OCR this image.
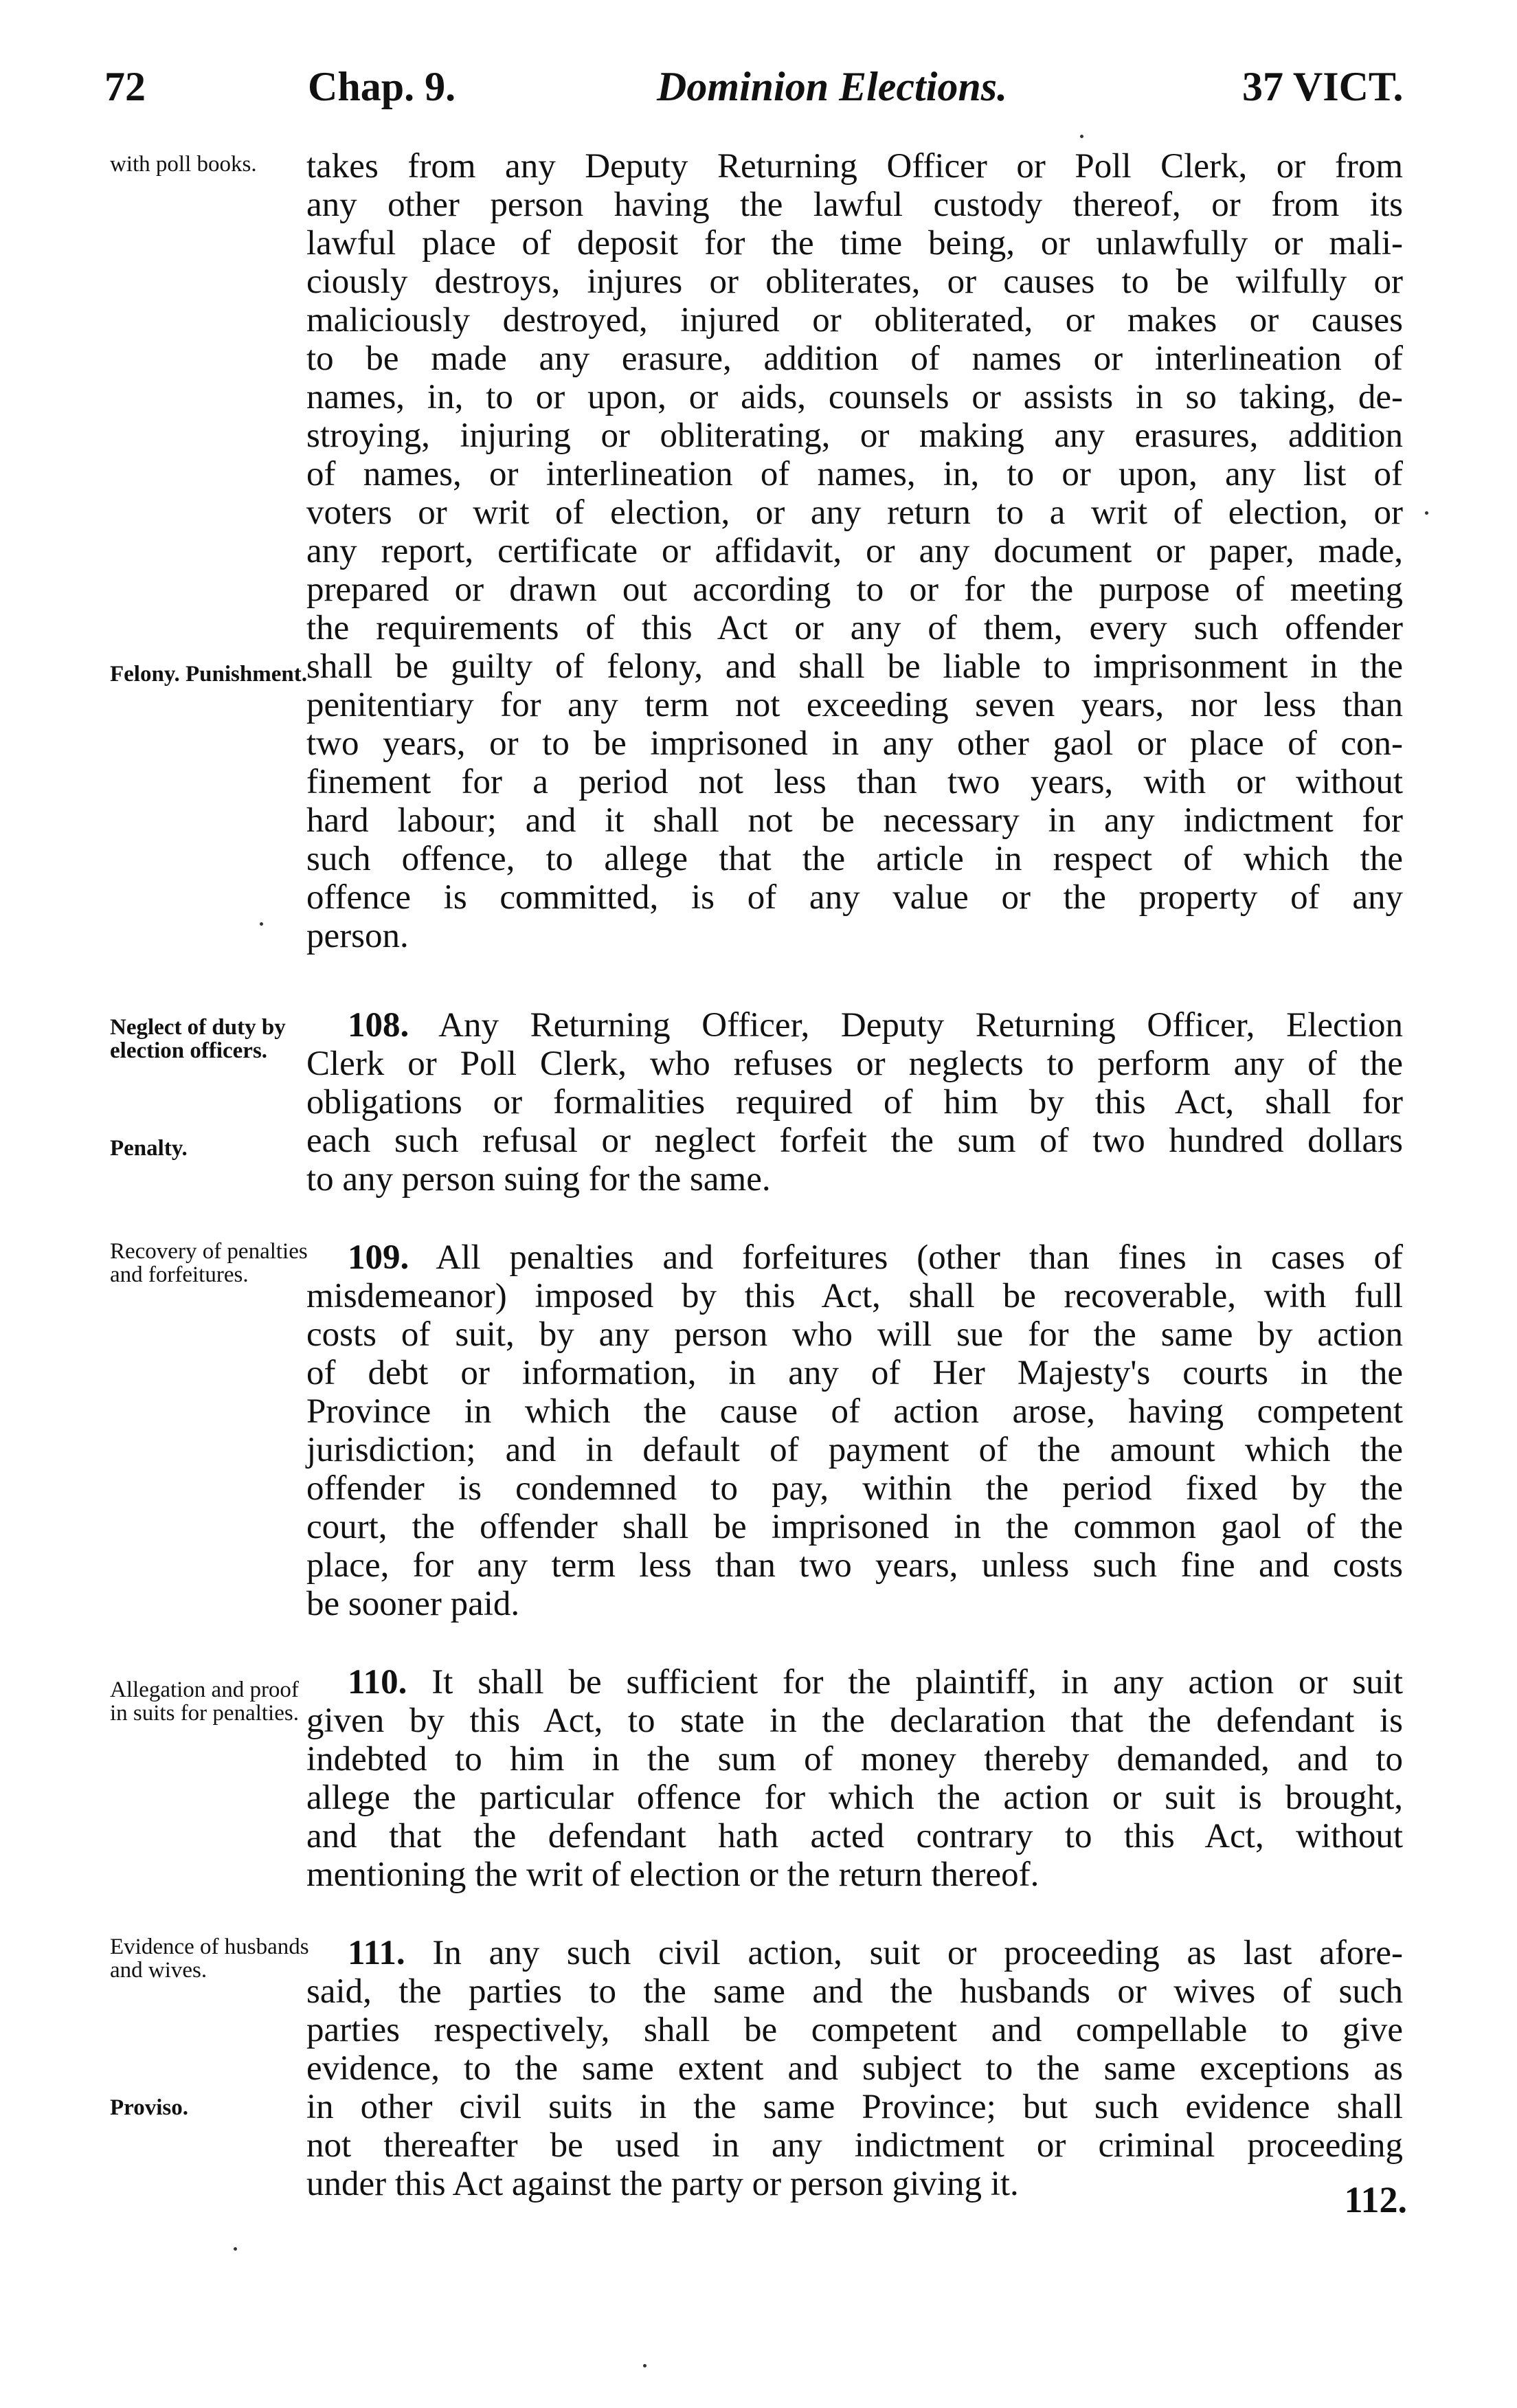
72	Chap. 9.	Dominion Elections.	37 VICT.
with poll books.
Felony. Punishment.
Neglect of duty by election officers.
Penalty.
Recovery of penalties and forfeitures.
Allegation and proof in suits for penalties.
Evidence of husbands and wives.
Proviso.
takes from any Deputy Returning Officer or Poll Clerk, or from
any other person having the lawful custody thereof, or from its
lawful place of deposit for the time being, or unlawfully or mali-
ciously destroys, injures or obliterates, or causes to be wilfully or
maliciously destroyed, injured or obliterated, or makes or causes
to be made any erasure, addition of names or interlineation of
names, in, to or upon, or aids, counsels or assists in so taking, de-
stroying, injuring or obliterating, or making any erasures, addition
of names, or interlineation of names, in, to or upon, any list of
voters or writ of election, or any return to a writ of election, or
any report, certificate or affidavit, or any document or paper, made,
prepared or drawn out according to or for the purpose of meeting
the requirements of this Act or any of them, every such offender
shall be guilty of felony, and shall be liable to imprisonment in the
penitentiary for any term not exceeding seven years, nor less than
two years, or to be imprisoned in any other gaol or place of con-
finement for a period not less than two years, with or without
hard labour; and it shall not be necessary in any indictment for
such offence, to allege that the article in respect of which the
offence is committed, is of any value or the property of any
person.
108. Any Returning Officer, Deputy Returning Officer, Election
Clerk or Poll Clerk, who refuses or neglects to perform any of the
obligations or formalities required of him by this Act, shall for
each such refusal or neglect forfeit the sum of two hundred dollars
to any person suing for the same.
109. All penalties and forfeitures (other than fines in cases of
misdemeanor) imposed by this Act, shall be recoverable, with full
costs of suit, by any person who will sue for the same by action
of debt or information, in any of Her Majesty's courts in the
Province in which the cause of action arose, having competent
jurisdiction; and in default of payment of the amount which the
offender is condemned to pay, within the period fixed by the
court, the offender shall be imprisoned in the common gaol of the
place, for any term less than two years, unless such fine and costs
be sooner paid.
110. It shall be sufficient for the plaintiff, in any action or suit
given by this Act, to state in the declaration that the defendant is
indebted to him in the sum of money thereby demanded, and to
allege the particular offence for which the action or suit is brought,
and that the defendant hath acted contrary to this Act, without
mentioning the writ of election or the return thereof.
111. In any such civil action, suit or proceeding as last afore-
said, the parties to the same and the husbands or wives of such
parties respectively, shall be competent and compellable to give
evidence, to the same extent and subject to the same exceptions as
in other civil suits in the same Province; but such evidence shall
not thereafter be used in any indictment or criminal proceeding
under this Act against the party or person giving it.	112.
